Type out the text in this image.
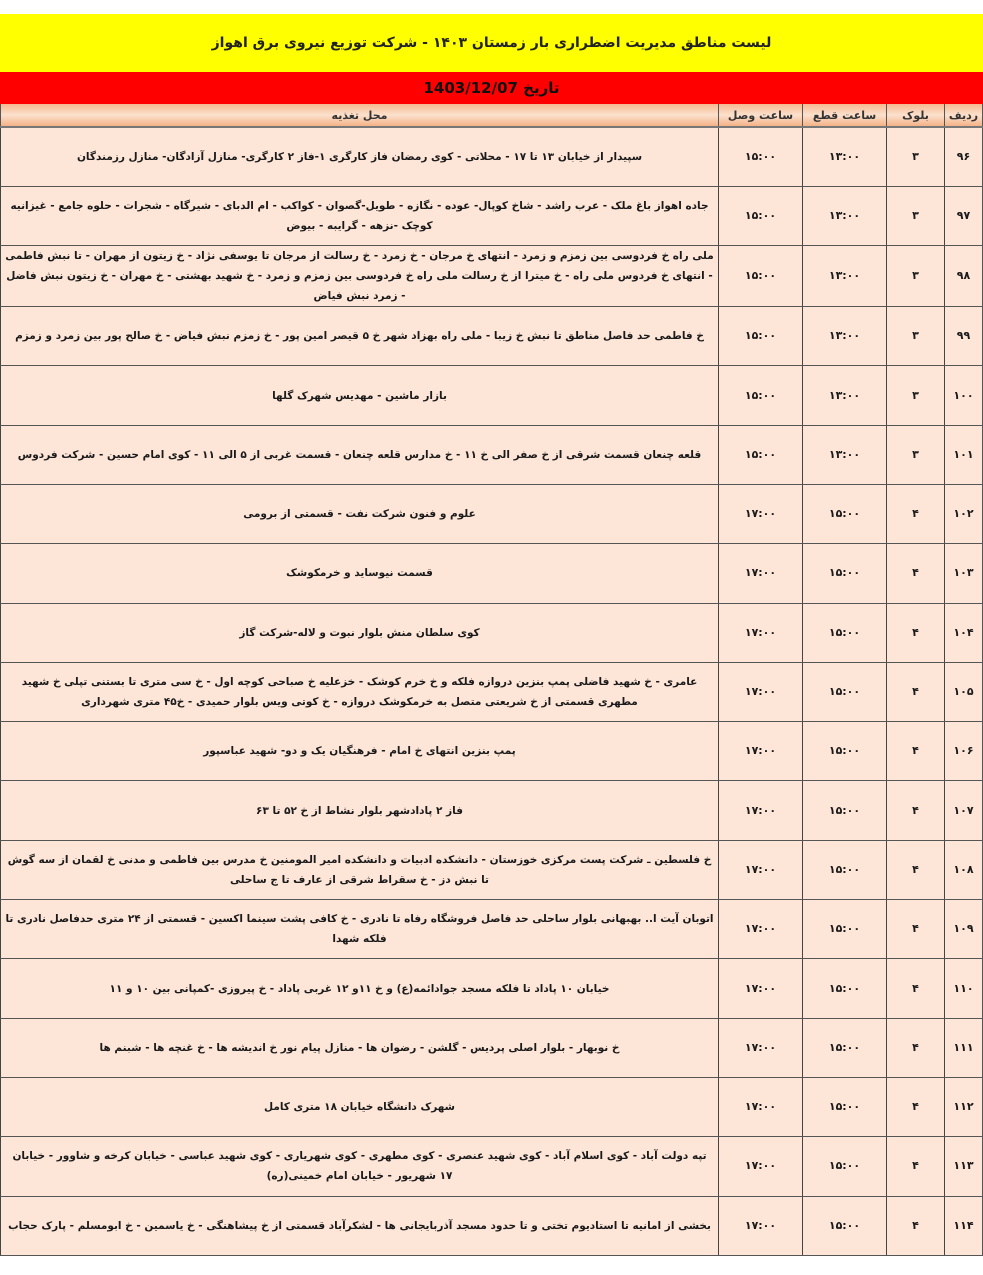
لیست مناطق مدیریت اضطراری بار زمستان ۱۴۰۳ - شرکت توزیع نیروی برق اهواز
تاریخ 1403/12/07
ردیف	بلوک	ساعت قطع	ساعت وصل	محل تغذیه
۹۶	۳	۱۳:۰۰	۱۵:۰۰	سپیدار از خیابان ۱۳ تا ۱۷ - محلاتی - کوی رمضان فاز کارگری ۱-فاز ۲ کارگری- منازل آزادگان- منازل رزمندگان
۹۷	۳	۱۳:۰۰	۱۵:۰۰	جاده اهواز باغ ملک - عرب راشد - شاخ کوپال- عوده - نگازه - طویل-گصوان - کواکب - ام الدبای - شیرگاه - شجرات - حلوه جامع - غیزانیه کوچک -نزهه - گرایبه - بیوض
۹۸	۳	۱۳:۰۰	۱۵:۰۰	ملی راه خ فردوسی بین زمزم و زمرد - انتهای خ مرجان - خ زمرد - خ رسالت از مرجان تا یوسفی نژاد - خ زیتون از مهران - تا نبش فاطمی - انتهای خ فردوس ملی راه - خ میترا از خ رسالت ملی راه خ فردوسی بین زمزم و زمرد - خ شهید بهشتی - خ مهران - خ زیتون نبش فاضل - زمرد نبش فیاض
۹۹	۳	۱۳:۰۰	۱۵:۰۰	خ فاطمی حد فاصل مناطق تا نبش خ زیبا - ملی راه بهزاد شهر خ ۵ قیصر امین پور - خ زمزم نبش فیاض - خ صالح پور بین زمرد و زمزم
۱۰۰	۳	۱۳:۰۰	۱۵:۰۰	بازار ماشین - مهدیس شهرک گلها
۱۰۱	۳	۱۳:۰۰	۱۵:۰۰	قلعه چنعان قسمت شرقی از خ صفر الی خ ۱۱ - خ مدارس قلعه چنعان - قسمت غربی از ۵ الی ۱۱ - کوی امام حسین - شرکت فردوس
۱۰۲	۴	۱۵:۰۰	۱۷:۰۰	علوم و فنون شرکت نفت - قسمتی از برومی
۱۰۳	۴	۱۵:۰۰	۱۷:۰۰	قسمت نیوساید و خرمکوشک
۱۰۴	۴	۱۵:۰۰	۱۷:۰۰	کوی سلطان منش بلوار نبوت و لاله-شرکت گاز
۱۰۵	۴	۱۵:۰۰	۱۷:۰۰	عامری - خ شهید فاضلی پمپ بنزین دروازه فلکه و خ خرم کوشک - خزعلیه خ صباحی کوچه اول - خ سی متری تا بستنی تپلی خ شهید مطهری قسمتی از خ شریعتی متصل به خرمکوشک دروازه - خ کوتی ویس بلوار حمیدی - خ۴۵ متری شهرداری
۱۰۶	۴	۱۵:۰۰	۱۷:۰۰	پمپ بنزین انتهای خ امام - فرهنگیان یک و دو- شهید عباسپور
۱۰۷	۴	۱۵:۰۰	۱۷:۰۰	فاز ۲ پادادشهر بلوار نشاط از خ ۵۲ تا ۶۳
۱۰۸	۴	۱۵:۰۰	۱۷:۰۰	خ فلسطین ـ شرکت پست مرکزی خوزستان - دانشکده ادبیات و دانشکده امیر المومنین خ مدرس بین فاطمی و مدنی خ لقمان از سه گوش تا نبش دز - خ سقراط شرقی از عارف تا ج ساحلی
۱۰۹	۴	۱۵:۰۰	۱۷:۰۰	اتوبان آیت ا.. بهبهانی بلوار ساحلی حد فاصل فروشگاه رفاه تا نادری - خ کافی پشت سینما اکسین - قسمتی از ۲۴ متری حدفاصل نادری تا فلکه شهدا
۱۱۰	۴	۱۵:۰۰	۱۷:۰۰	خیابان ۱۰ پاداد تا فلکه مسجد جوادائمه(ع) و خ ۱۱و ۱۲ غربی پاداد - خ پیروزی -کمپانی بین ۱۰ و ۱۱
۱۱۱	۴	۱۵:۰۰	۱۷:۰۰	خ نوبهار - بلوار اصلی پردیس - گلشن - رضوان ها - منازل پیام نور خ اندیشه ها - خ غنچه ها - شبنم ها
۱۱۲	۴	۱۵:۰۰	۱۷:۰۰	شهرک دانشگاه خیابان ۱۸ متری کامل
۱۱۳	۴	۱۵:۰۰	۱۷:۰۰	تپه دولت آباد - کوی اسلام آباد - کوی شهید عنصری - کوی مطهری - کوی شهریاری - کوی شهید عباسی - خیابان کرخه و شاوور - خیابان ۱۷ شهریور - خیابان امام خمینی(ره)
۱۱۴	۴	۱۵:۰۰	۱۷:۰۰	بخشی از امانیه تا استادیوم تختی و تا حدود مسجد آذربایجانی ها - لشکرآباد قسمتی از خ پیشاهنگی - خ یاسمین - خ ابومسلم - پارک حجاب
